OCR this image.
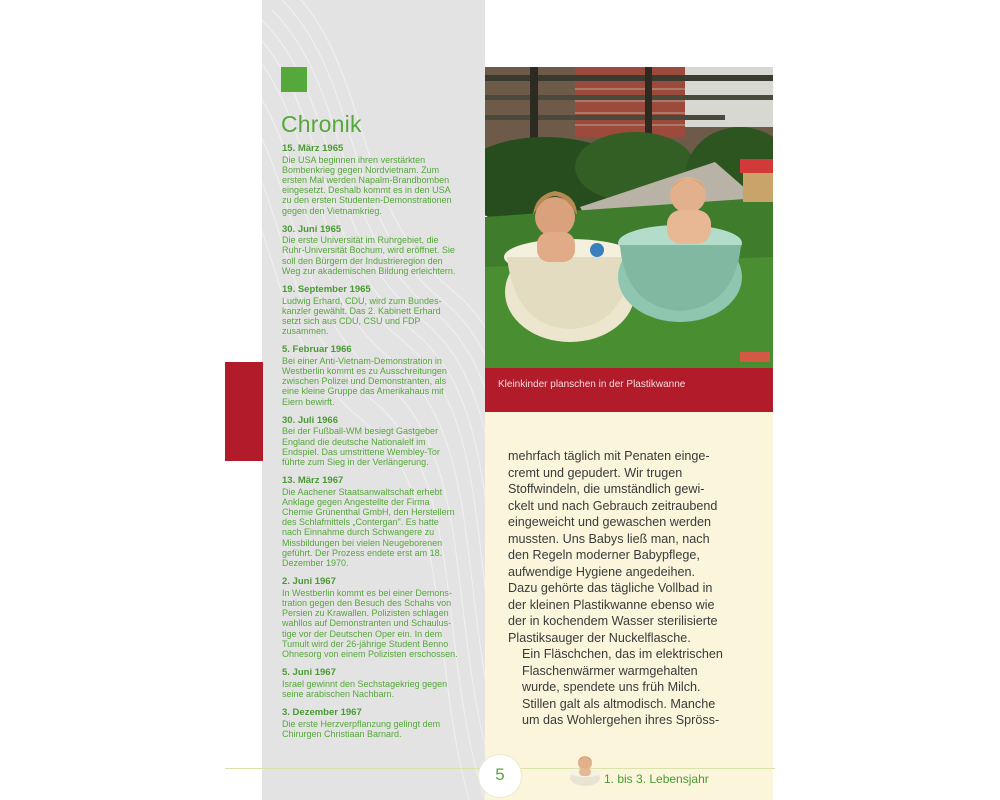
Chronik
15. März 1965
Die USA beginnen ihren verstärkten
Bombenkrieg gegen Nordvietnam. Zum
ersten Mal werden Napalm-Brandbomben
eingesetzt. Deshalb kommt es in den USA
zu den ersten Studenten-Demonstrationen
gegen den Vietnamkrieg.
30. Juni 1965
Die erste Universität im Ruhrgebiet, die
Ruhr-Universität Bochum, wird eröffnet. Sie
soll den Bürgern der Industrieregion den
Weg zur akademischen Bildung erleichtern.
19. September 1965
Ludwig Erhard, CDU, wird zum Bundes-
kanzler gewählt. Das 2. Kabinett Erhard
setzt sich aus CDU, CSU und FDP
zusammen.
5. Februar 1966
Bei einer Anti-Vietnam-Demonstration in
Westberlin kommt es zu Ausschreitungen
zwischen Polizei und Demonstranten, als
eine kleine Gruppe das Amerikahaus mit
Eiern bewirft.
30. Juli 1966
Bei der Fußball-WM besiegt Gastgeber
England die deutsche Nationalelf im
Endspiel. Das umstrittene Wembley-Tor
führte zum Sieg in der Verlängerung.
13. März 1967
Die Aachener Staatsanwaltschaft erhebt
Anklage gegen Angestellte der Firma
Chemie Grünenthal GmbH, den Herstellern
des Schlafmittels „Contergan". Es hatte
nach Einnahme durch Schwangere zu
Missbildungen bei vielen Neugeborenen
geführt. Der Prozess endete erst am 18.
Dezember 1970.
2. Juni 1967
In Westberlin kommt es bei einer Demons-
tration gegen den Besuch des Schahs von
Persien zu Krawallen. Polizisten schlagen
wahllos auf Demonstranten und Schaulus-
tige vor der Deutschen Oper ein. In dem
Tumult wird der 26-jährige Student Benno
Ohnesorg von einem Polizisten erschossen.
5. Juni 1967
Israel gewinnt den Sechstagekrieg gegen
seine arabischen Nachbarn.
3. Dezember 1967
Die erste Herzverpflanzung gelingt dem
Chirurgen Christiaan Barnard.
Kleinkinder planschen in der Plastikwanne

mehrfach täglich mit Penaten einge-
cremt und gepudert. Wir trugen
Stoffwindeln, die umständlich gewi-
ckelt und nach Gebrauch zeitraubend
eingeweicht und gewaschen werden
mussten. Uns Babys ließ man, nach
den Regeln moderner Babypflege,
aufwendige Hygiene angedeihen.
Dazu gehörte das tägliche Vollbad in
der kleinen Plastikwanne ebenso wie
der in kochendem Wasser sterilisierte
Plastiksauger der Nuckelflasche.

Ein Fläschchen, das im elektrischen
Flaschenwärmer warmgehalten
wurde, spendete uns früh Milch.
Stillen galt als altmodisch. Manche
um das Wohlergehen ihres Spröss-

5	1. bis 3. Lebensjahr
